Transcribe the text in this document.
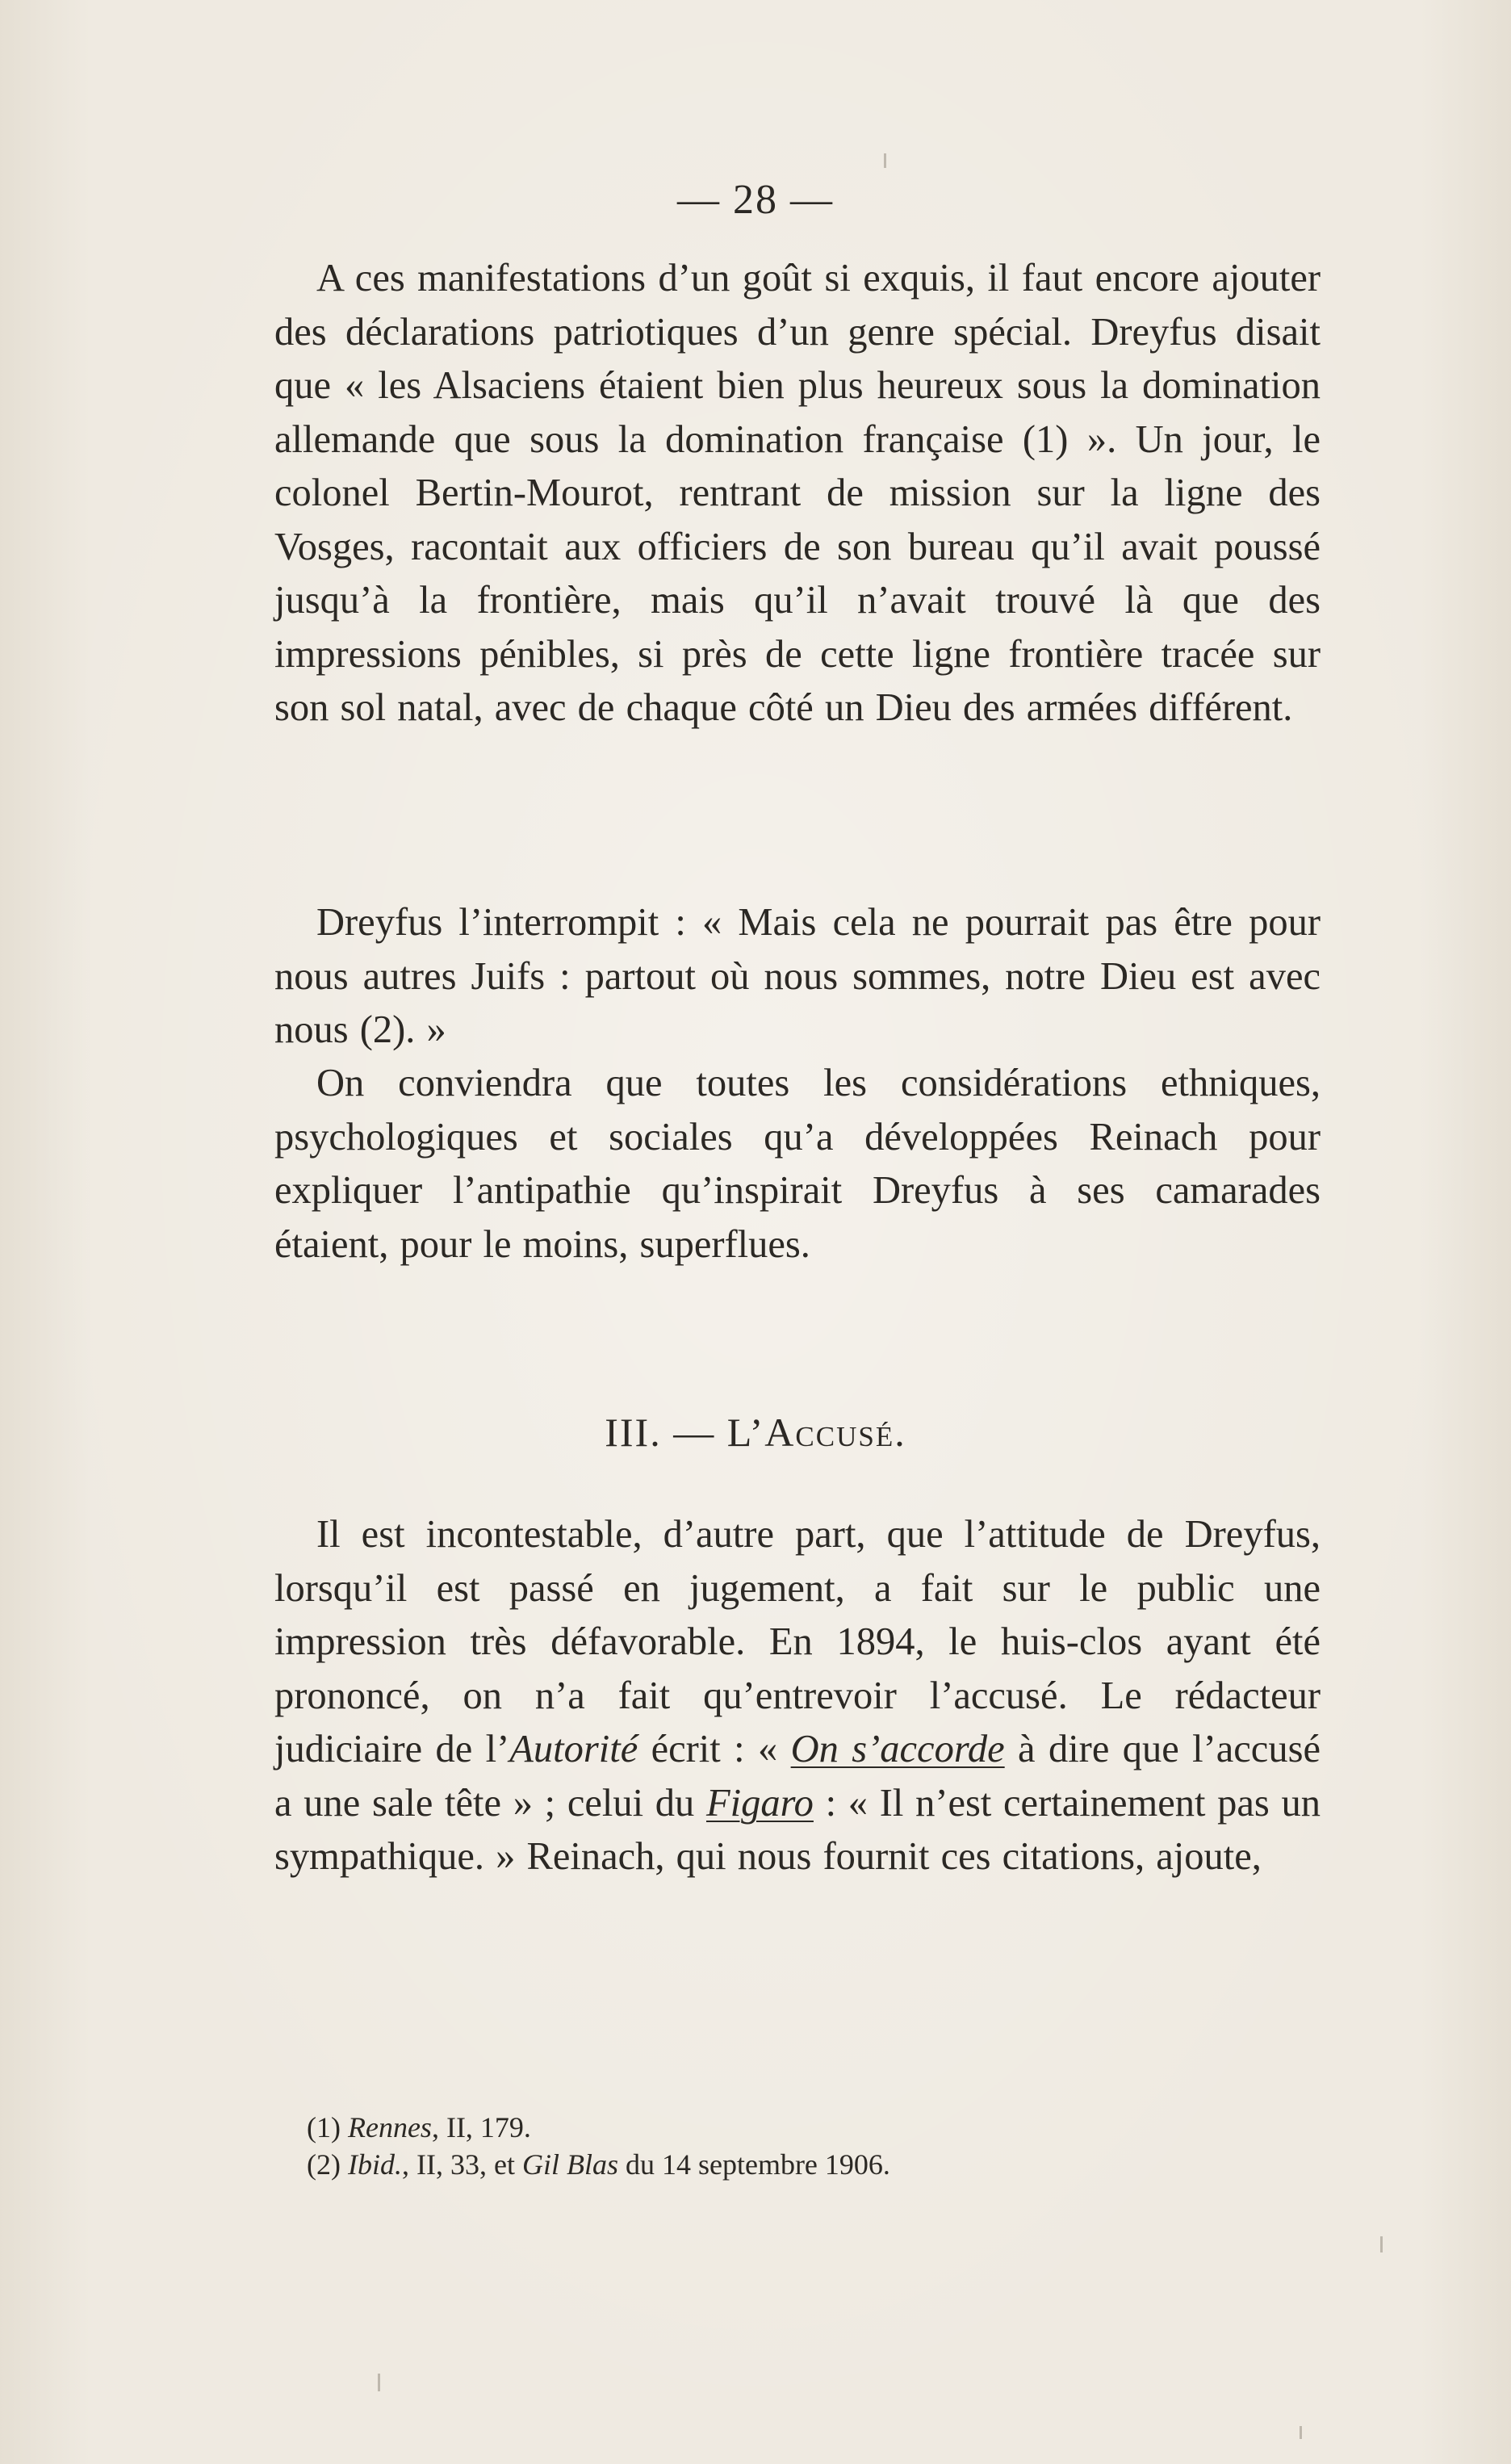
— 28 —

A ces manifestations d’un goût si exquis, il faut encore ajouter des déclarations patriotiques d’un genre spécial. Dreyfus disait que « les Alsaciens étaient bien plus heureux sous la domination allemande que sous la domination française (1) ». Un jour, le colonel Bertin-Mourot, rentrant de mission sur la ligne des Vosges, racontait aux officiers de son bureau qu’il avait poussé jusqu’à la frontière, mais qu’il n’avait trouvé là que des impressions pénibles, si près de cette ligne frontière tracée sur son sol natal, avec de chaque côté un Dieu des armées différent.

Dreyfus l’interrompit : « Mais cela ne pourrait pas être pour nous autres Juifs : partout où nous sommes, notre Dieu est avec nous (2). »

On conviendra que toutes les considérations ethniques, psychologiques et sociales qu’a développées Reinach pour expliquer l’antipathie qu’inspirait Dreyfus à ses camarades étaient, pour le moins, superflues.

III. — L’Accusé.

Il est incontestable, d’autre part, que l’attitude de Dreyfus, lorsqu’il est passé en jugement, a fait sur le public une impression très défavorable. En 1894, le huis-clos ayant été prononcé, on n’a fait qu’entrevoir l’accusé. Le rédacteur judiciaire de l’Autorité écrit : « On s’accorde à dire que l’accusé a une sale tête » ; celui du Figaro : « Il n’est certainement pas un sympathique. » Reinach, qui nous fournit ces citations, ajoute,

(1) Rennes, II, 179.
(2) Ibid., II, 33, et Gil Blas du 14 septembre 1906.
